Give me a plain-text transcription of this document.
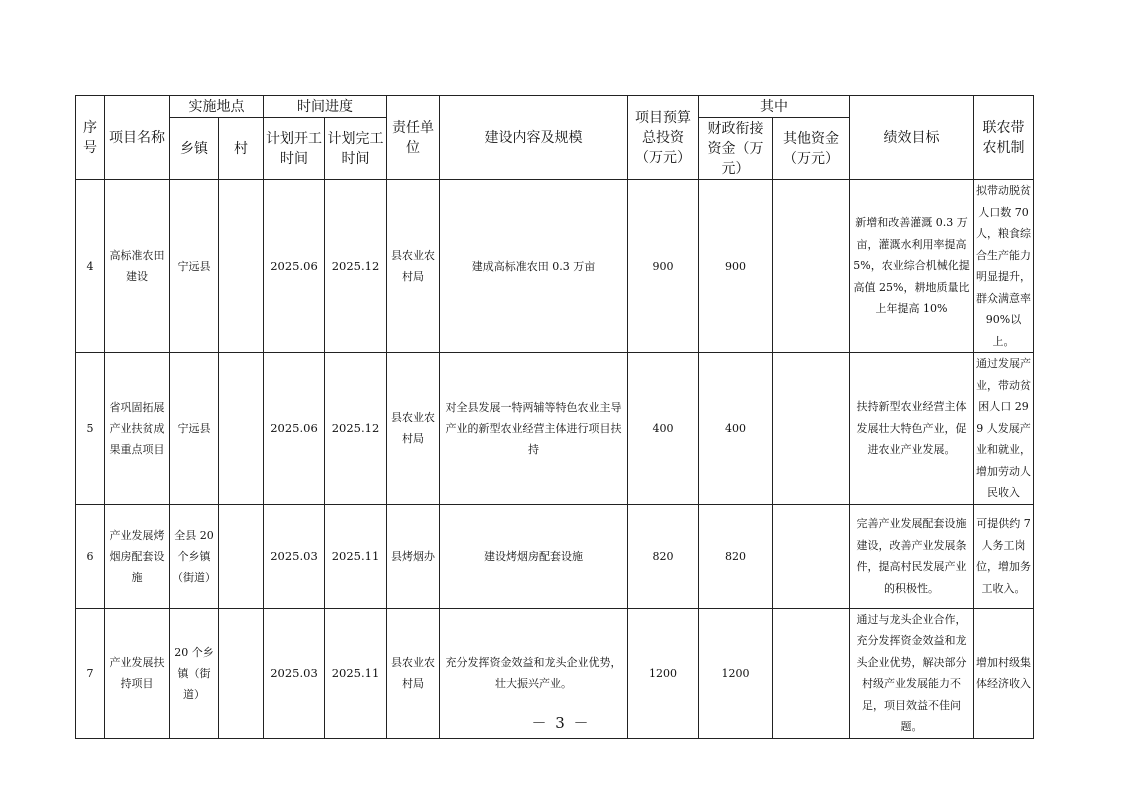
序号	项目名称	实施地点		时间进度		责任单位	建设内容及规模	项目预算总投资（万元）	其中		绩效目标	联农带农机制
		乡镇	村	计划开工时间	计划完工时间				财政衔接资金（万元）	其他资金（万元）		
4	高标准农田建设	宁远县		2025.06	2025.12	县农业农村局	建成高标准农田 0.3 万亩	900	900		新增和改善灌溉 0.3 万亩，灌溉水利用率提高 5%，农业综合机械化提高值 25%，耕地质量比上年提高 10%	拟带动脱贫人口数 70 人，粮食综合生产能力明显提升，群众满意率 90%以上。
5	省巩固拓展产业扶贫成果重点项目	宁远县		2025.06	2025.12	县农业农村局	对全县发展一特两辅等特色农业主导产业的新型农业经营主体进行项目扶持	400	400		扶持新型农业经营主体发展壮大特色产业，促进农业产业发展。	通过发展产业，带动贫困人口 299 人发展产业和就业，增加劳动人民收入
6	产业发展烤烟房配套设施	全县 20 个乡镇（街道）		2025.03	2025.11	县烤烟办	建设烤烟房配套设施	820	820		完善产业发展配套设施建设，改善产业发展条件，提高村民发展产业的积极性。	可提供约 7 人务工岗位，增加务工收入。
7	产业发展扶持项目	20 个乡镇（街道）		2025.03	2025.11	县农业农村局	充分发挥资金效益和龙头企业优势，壮大振兴产业。	1200	1200		通过与龙头企业合作，充分发挥资金效益和龙头企业优势，解决部分村级产业发展能力不足，项目效益不佳问题。	增加村级集体经济收入
－ 3 －
